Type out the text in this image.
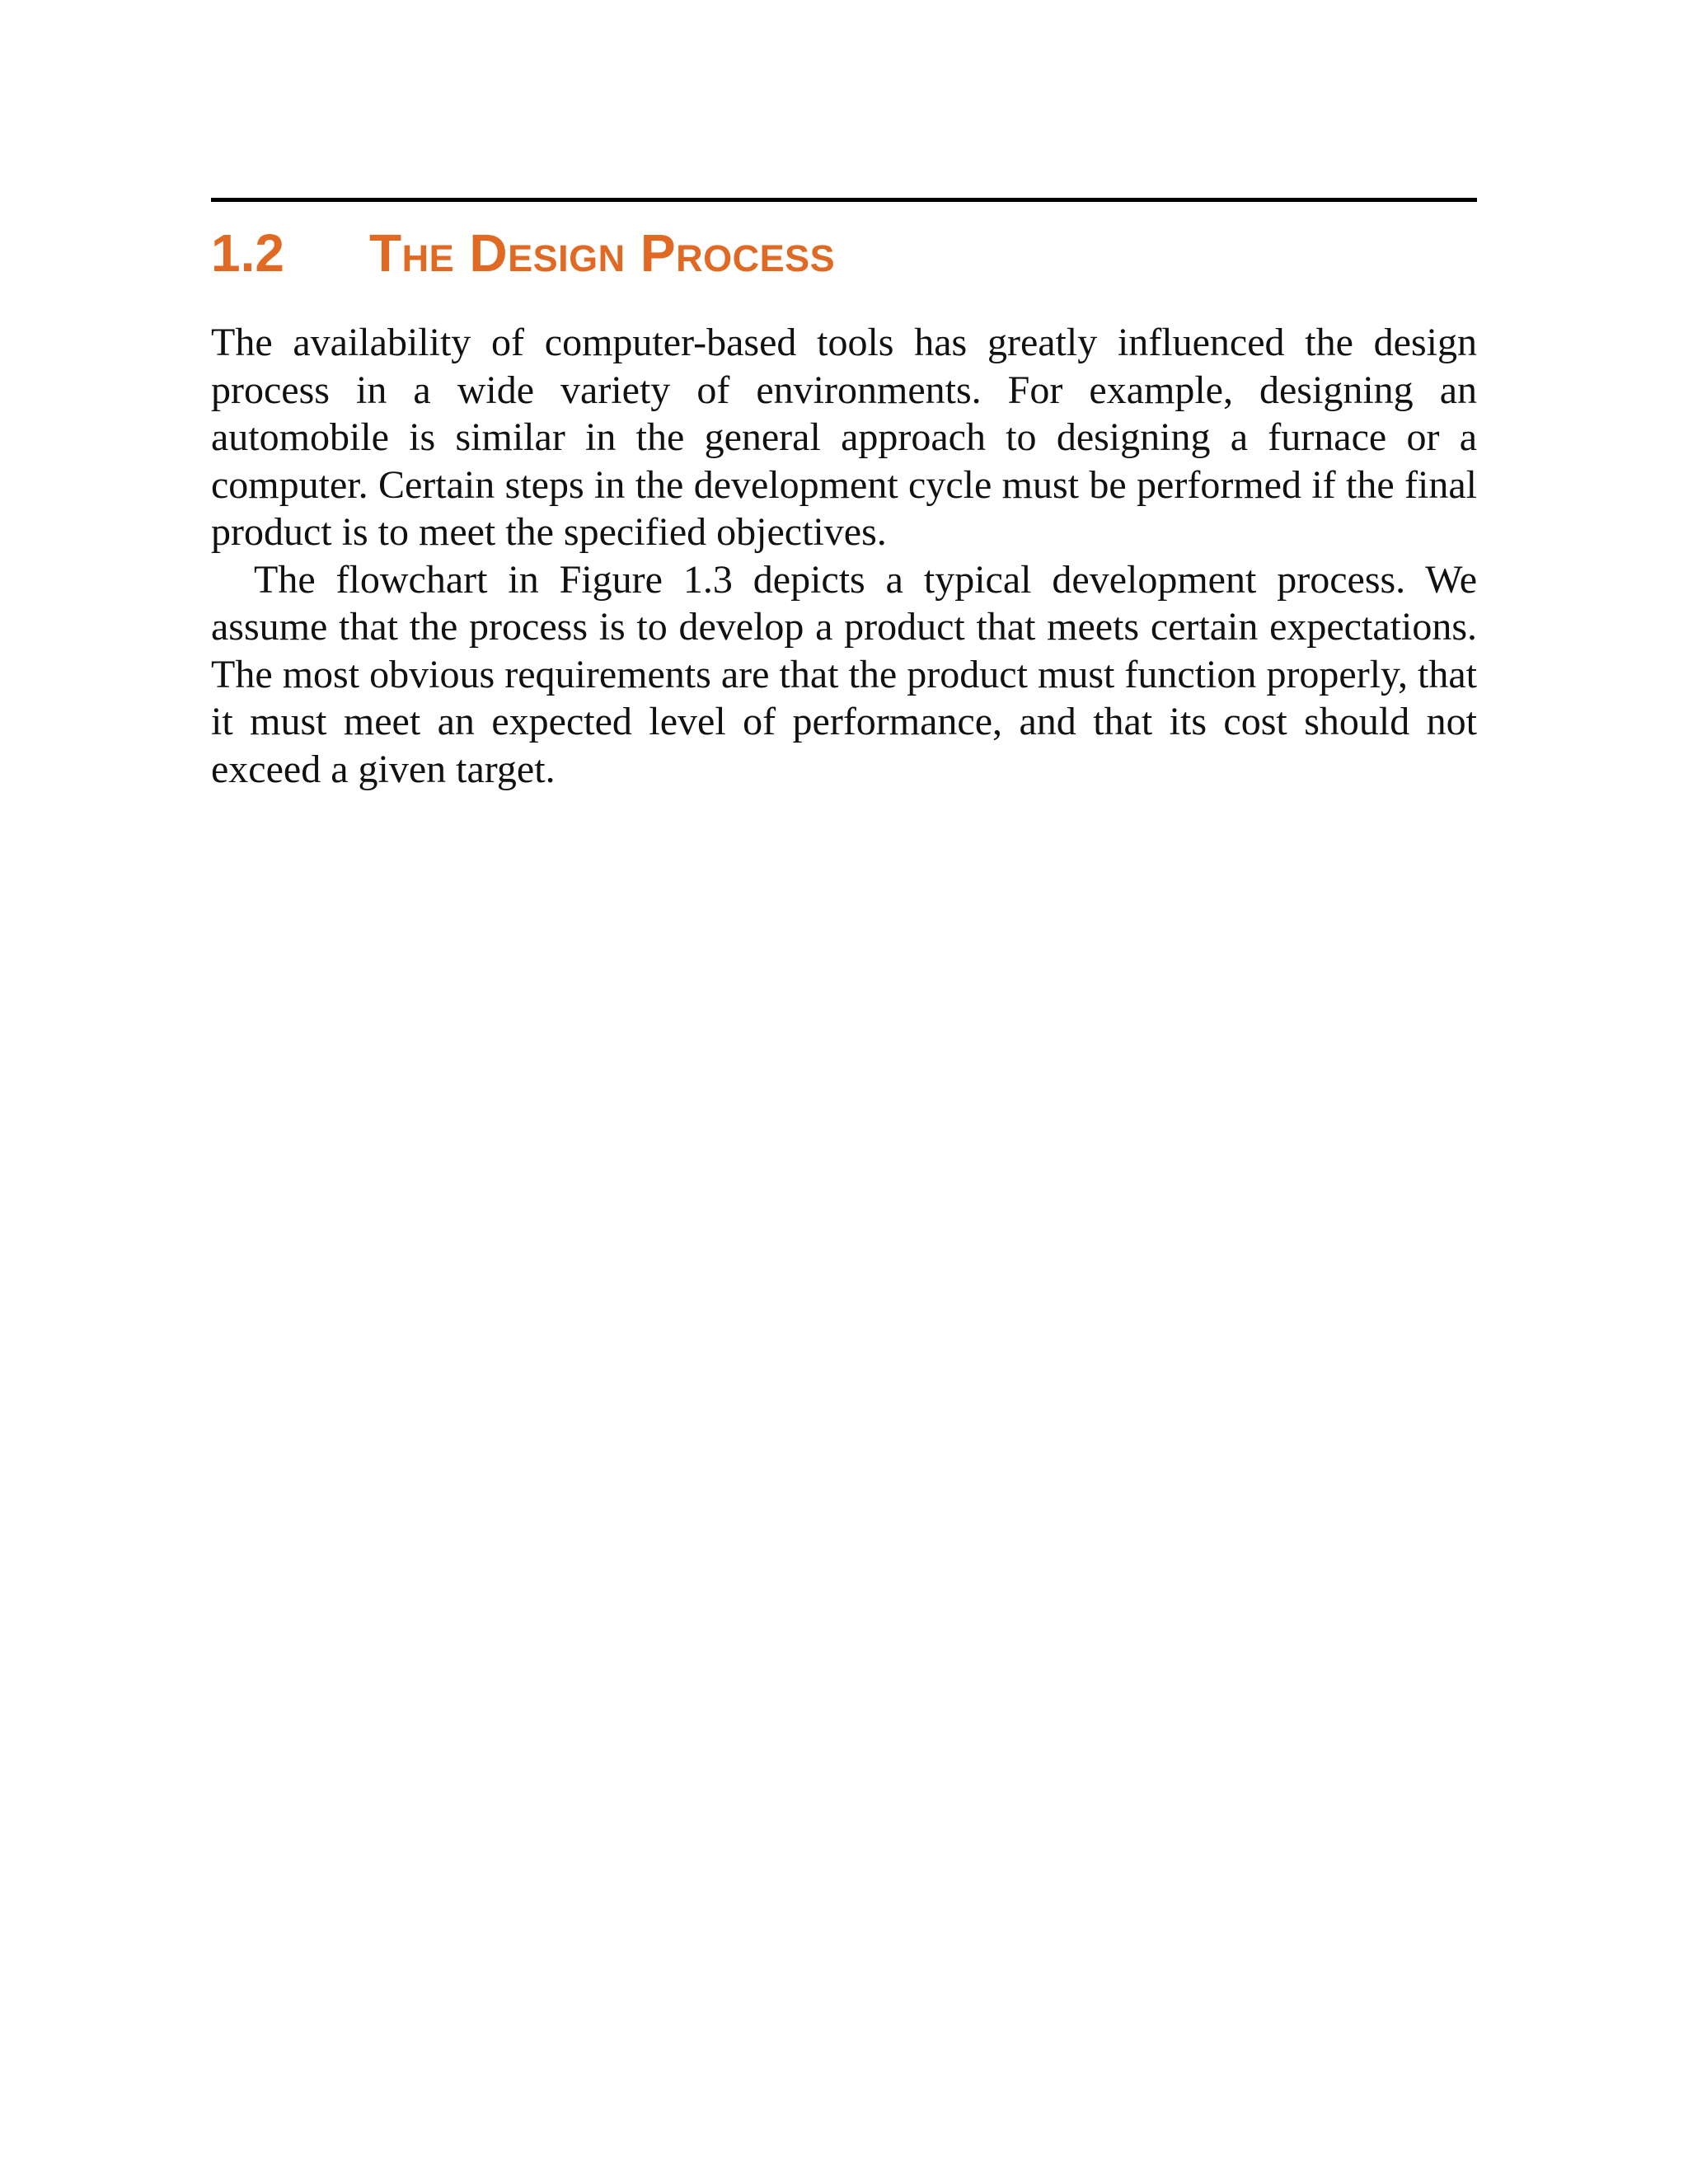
1.2 The Design Process

The availability of computer-based tools has greatly influenced the design process in a wide variety of environments. For example, designing an automobile is similar in the general approach to designing a furnace or a computer. Certain steps in the development cycle must be performed if the final product is to meet the specified objectives.

The flowchart in Figure 1.3 depicts a typical development process. We assume that the process is to develop a product that meets certain expectations. The most obvious requirements are that the product must function properly, that it must meet an expected level of performance, and that its cost should not exceed a given target.
